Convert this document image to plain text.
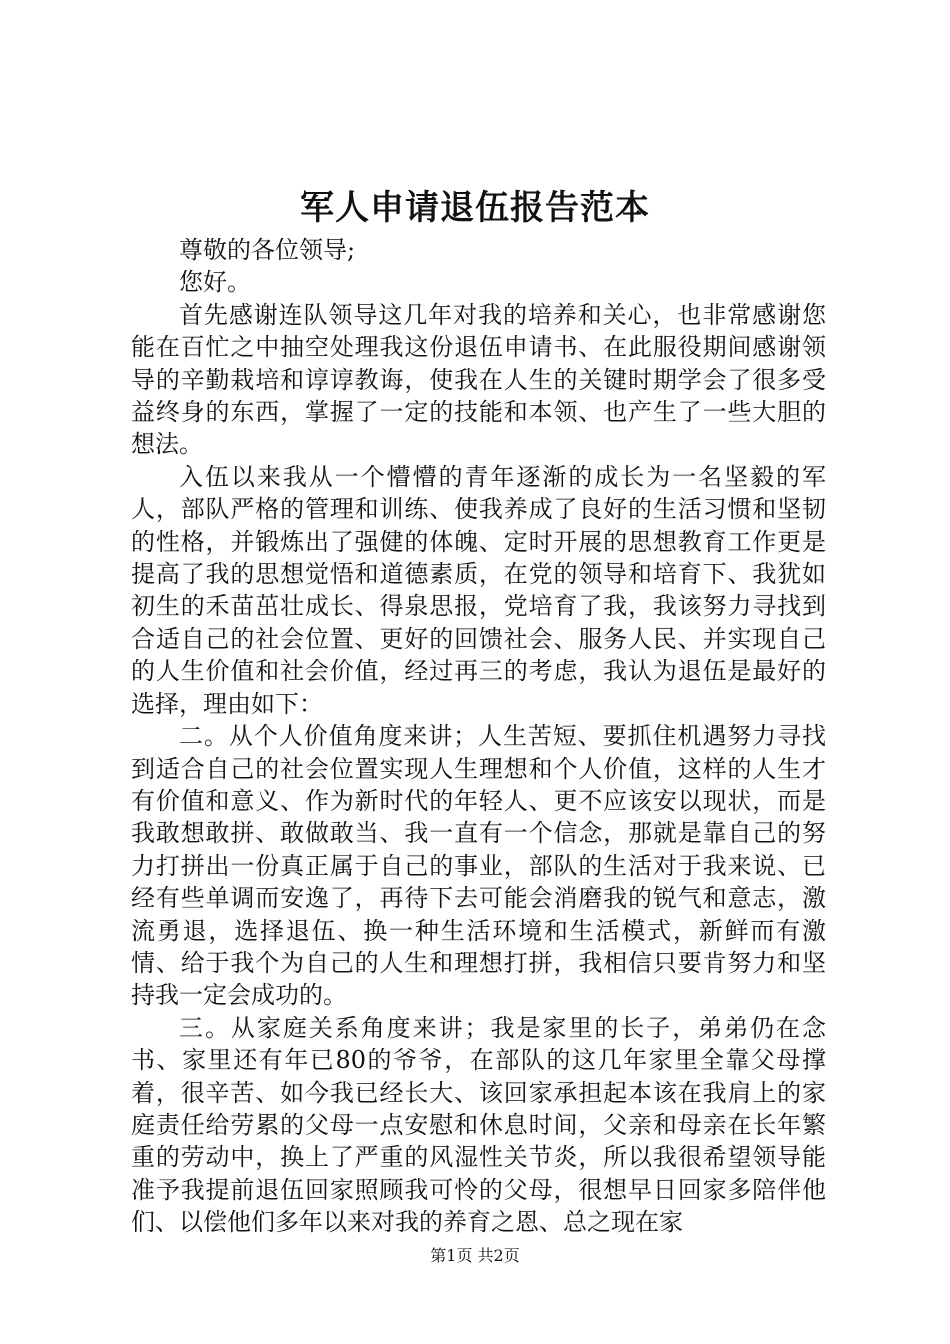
军人申请退伍报告范本

尊敬的各位领导;

您好。

首先感谢连队领导这几年对我的培养和关心，也非常感谢您能在百忙之中抽空处理我这份退伍申请书、在此服役期间感谢领导的辛勤栽培和谆谆教诲，使我在人生的关键时期学会了很多受益终身的东西，掌握了一定的技能和本领、也产生了一些大胆的想法。

入伍以来我从一个懵懵的青年逐渐的成长为一名坚毅的军人，部队严格的管理和训练、使我养成了良好的生活习惯和坚韧的性格，并锻炼出了强健的体魄、定时开展的思想教育工作更是提高了我的思想觉悟和道德素质，在党的领导和培育下、我犹如初生的禾苗茁壮成长、得泉思报，党培育了我，我该努力寻找到合适自己的社会位置、更好的回馈社会、服务人民、并实现自己的人生价值和社会价值，经过再三的考虑，我认为退伍是最好的选择，理由如下：

二。从个人价值角度来讲；人生苦短、要抓住机遇努力寻找到适合自己的社会位置实现人生理想和个人价值，这样的人生才有价值和意义、作为新时代的年轻人、更不应该安以现状，而是我敢想敢拼、敢做敢当、我一直有一个信念，那就是靠自己的努力打拼出一份真正属于自己的事业，部队的生活对于我来说、已经有些单调而安逸了，再待下去可能会消磨我的锐气和意志，激流勇退，选择退伍、换一种生活环境和生活模式，新鲜而有激情、给于我个为自己的人生和理想打拼，我相信只要肯努力和坚持我一定会成功的。

三。从家庭关系角度来讲；我是家里的长子，弟弟仍在念书、家里还有年已80的爷爷，在部队的这几年家里全靠父母撑着，很辛苦、如今我已经长大、该回家承担起本该在我肩上的家庭责任给劳累的父母一点安慰和休息时间，父亲和母亲在长年繁重的劳动中，换上了严重的风湿性关节炎，所以我很希望领导能准予我提前退伍回家照顾我可怜的父母，很想早日回家多陪伴他们、以偿他们多年以来对我的养育之恩、总之现在家

第1页 共2页
